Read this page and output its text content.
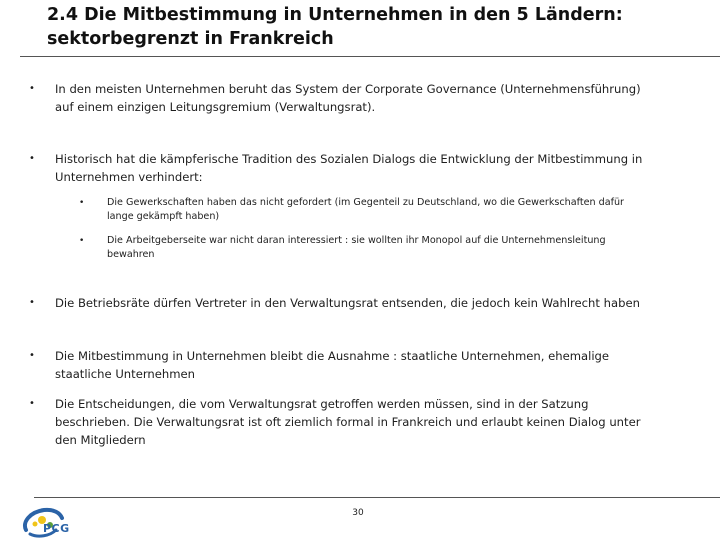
2.4 Die Mitbestimmung in Unternehmen in den 5 Ländern:
sektorbegrenzt in Frankreich
• In den meisten Unternehmen beruht das System der Corporate Governance (Unternehmensführung)
auf einem einzigen Leitungsgremium (Verwaltungsrat).
• Historisch hat die kämpferische Tradition des Sozialen Dialogs die Entwicklung der Mitbestimmung in
Unternehmen verhindert:
• Die Gewerkschaften haben das nicht gefordert (im Gegenteil zu Deutschland, wo die Gewerkschaften dafür
lange gekämpft haben)
• Die Arbeitgeberseite war nicht daran interessiert : sie wollten ihr Monopol auf die Unternehmensleitung
bewahren
• Die Betriebsräte dürfen Vertreter in den Verwaltungsrat entsenden, die jedoch kein Wahlrecht haben
• Die Mitbestimmung in Unternehmen bleibt die Ausnahme : staatliche Unternehmen, ehemalige
staatliche Unternehmen
• Die Entscheidungen, die vom Verwaltungsrat getroffen werden müssen, sind in der Satzung
beschrieben. Die Verwaltungsrat ist oft ziemlich formal in Frankreich und erlaubt keinen Dialog unter
den Mitgliedern
30
PCG
